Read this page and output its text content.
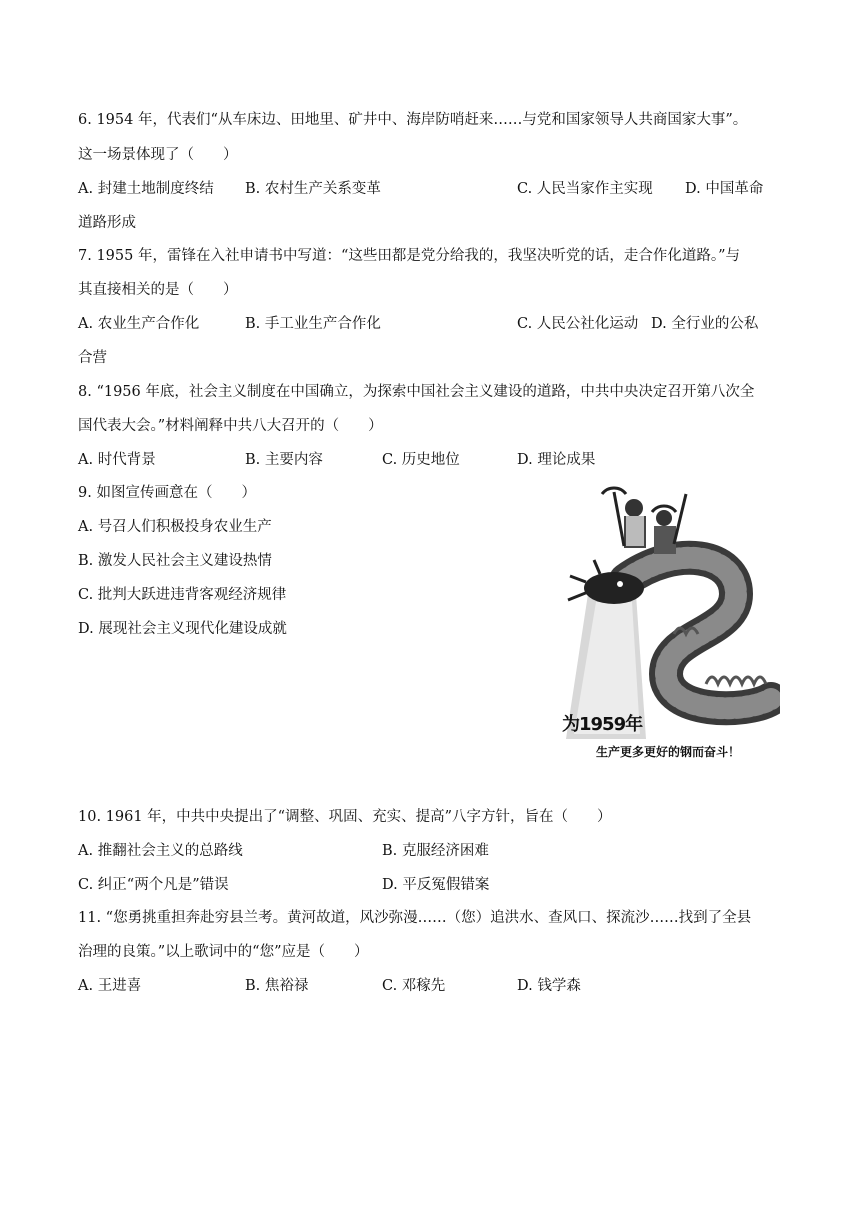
6. 1954 年，代表们“从车床边、田地里、矿井中、海岸防哨赶来……与党和国家领导人共商国家大事”。
这一场景体现了（　　）
A. 封建土地制度终结 B. 农村生产关系变革	C. 人民当家作主实现 D. 中国革命
道路形成
7. 1955 年，雷锋在入社申请书中写道：“这些田都是党分给我的，我坚决听党的话，走合作化道路。”与
其直接相关的是（　　）
A. 农业生产合作化	B. 手工业生产合作化	C. 人民公社化运动 D. 全行业的公私
合营
8. “1956 年底，社会主义制度在中国确立，为探索中国社会主义建设的道路，中共中央决定召开第八次全
国代表大会。”材料阐释中共八大召开的（　　）
A. 时代背景	B. 主要内容	C. 历史地位	D. 理论成果
9. 如图宣传画意在（　　）
A. 号召人们积极投身农业生产
B. 激发人民社会主义建设热情
C. 批判大跃进违背客观经济规律
D. 展现社会主义现代化建设成就
为1959年
生产更多更好的钢而奋斗！
10. 1961 年，中共中央提出了“调整、巩固、充实、提高”八字方针，旨在（　　）
A. 推翻社会主义的总路线	B. 克服经济困难
C. 纠正“两个凡是”错误	D. 平反冤假错案
11. “您勇挑重担奔赴穷县兰考。黄河故道，风沙弥漫……（您）追洪水、查风口、探流沙……找到了全县
治理的良策。”以上歌词中的“您”应是（　　）
A. 王进喜	B. 焦裕禄	C. 邓稼先	D. 钱学森
